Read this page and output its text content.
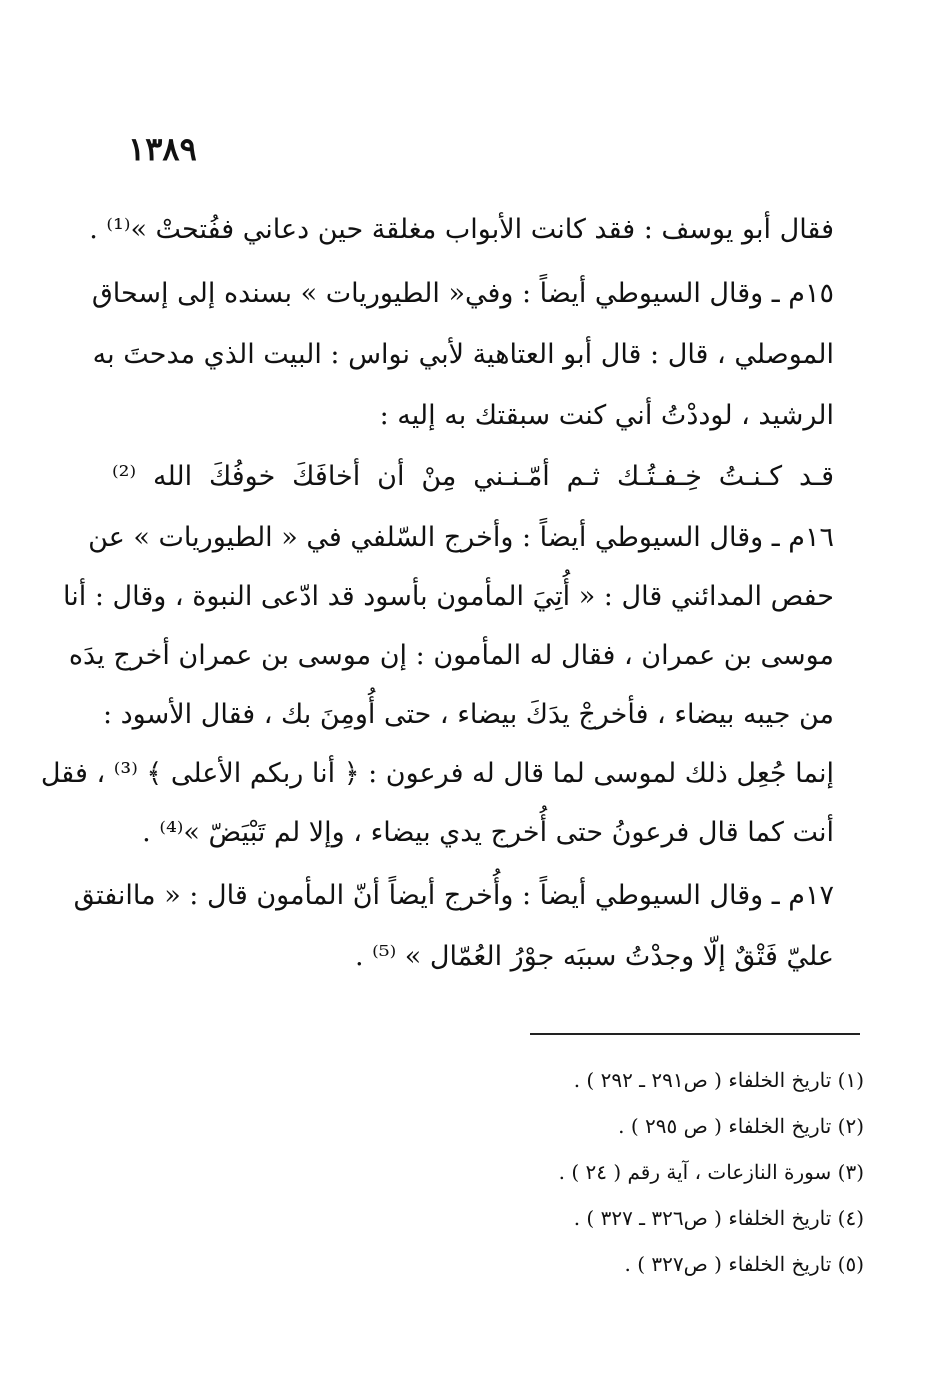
١٣٨٩
فقال أبو يوسف : فقد كانت الأبواب مغلقة حين دعاني ففُتحتْ »⁽¹⁾ .
١٥م ـ وقال السيوطي أيضاً : وفي« الطيوريات » بسنده إلى إسحاق
الموصلي ، قال : قال أبو العتاهية لأبي نواس : البيت الذي مدحتَ به
الرشيد ، لوددْتُ أني كنت سبقتك به إليه :
قـد كـنـتُ خِـفـتُـك ثـم أمّـنـني مِنْ أن أخافَكَ خوفُكَ الله ⁽²⁾
١٦م ـ وقال السيوطي أيضاً : وأخرج السّلفي في « الطيوريات » عن
حفص المدائني قال : « أُتِيَ المأمون بأسود قد ادّعى النبوة ، وقال : أنا
موسى بن عمران ، فقال له المأمون : إن موسى بن عمران أخرج يدَه
من جيبه بيضاء ، فأخرجْ يدَكَ بيضاء ، حتى أُومِنَ بك ، فقال الأسود :
إنما جُعِل ذلك لموسى لما قال له فرعون : ﴿ أنا ربكم الأعلى ﴾ ⁽³⁾ ، فقل
أنت كما قال فرعونُ حتى أُخرج يدي بيضاء ، وإلا لم تَبْيَضّ »⁽⁴⁾ .
١٧م ـ وقال السيوطي أيضاً : وأُخرج أيضاً أنّ المأمون قال : « ماانفتق
عليّ فَتْقٌ إلّا وجدْتُ سببَه جوْرُ العُمّال » ⁽⁵⁾ .
(١) تاريخ الخلفاء ( ص٢٩١ ـ ٢٩٢ ) .
(٢) تاريخ الخلفاء ( ص ٢٩٥ ) .
(٣) سورة النازعات ، آية رقم ( ٢٤ ) .
(٤) تاريخ الخلفاء ( ص٣٢٦ ـ ٣٢٧ ) .
(٥) تاريخ الخلفاء ( ص٣٢٧ ) .
